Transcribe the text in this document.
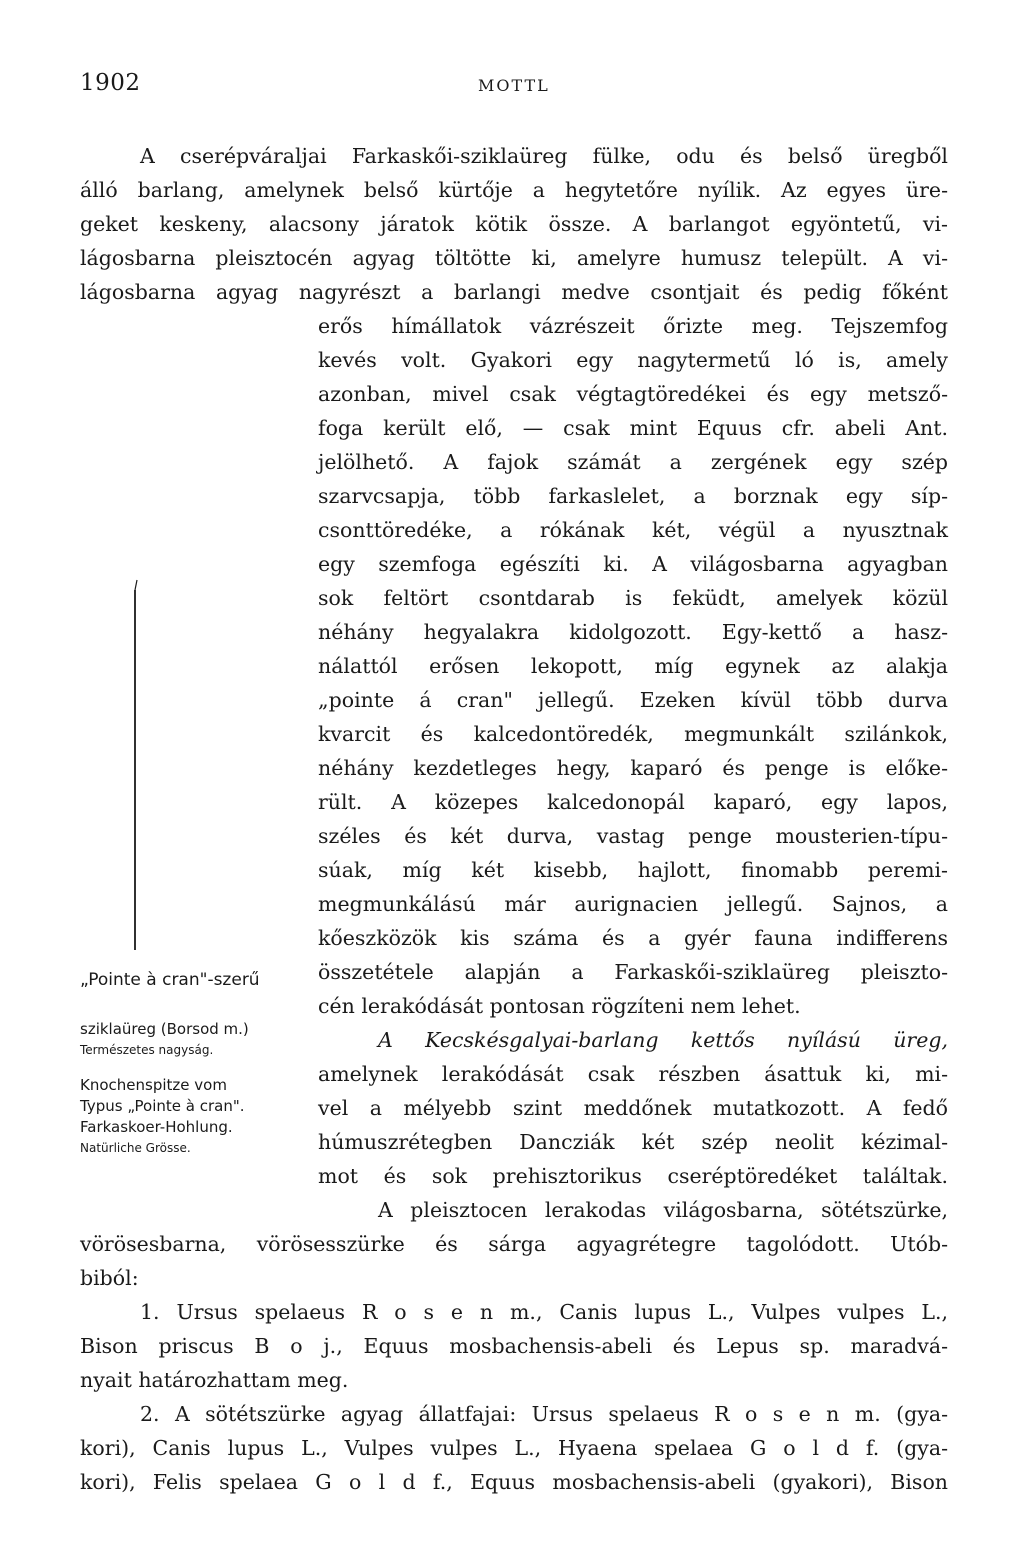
1902	MOTTL
A cserépváraljai Farkaskői-sziklaüreg fülke, odu és belső üregből
álló barlang, amelynek belső kürtője a hegytetőre nyílik. Az egyes üre-
geket keskeny, alacsony járatok kötik össze. A barlangot egyöntetű, vi-
lágosbarna pleisztocén agyag töltötte ki, amelyre humusz települt. A vi-
lágosbarna agyag nagyrészt a barlangi medve csontjait és pedig főként
erős hímállatok vázrészeit őrizte meg. Tejszemfog
kevés volt. Gyakori egy nagytermetű ló is, amely
azonban, mivel csak végtagtöredékei és egy metsző-
foga került elő, — csak mint Equus cfr. abeli Ant.
jelölhető. A fajok számát a zergének egy szép
szarvcsapja, több farkaslelet, a borznak egy síp-
csonttöredéke, a rókának két, végül a nyusztnak
egy szemfoga egészíti ki. A világosbarna agyagban
sok feltört csontdarab is feküdt, amelyek közül
néhány hegyalakra kidolgozott. Egy-kettő a hasz-
nálattól erősen lekopott, míg egynek az alakja
„pointe á cran" jellegű. Ezeken kívül több durva
kvarcit és kalcedontöredék, megmunkált szilánkok,
néhány kezdetleges hegy, kaparó és penge is előke-
rült. A közepes kalcedonopál kaparó, egy lapos,
széles és két durva, vastag penge mousterien-típu-
súak, míg két kisebb, hajlott, finomabb peremi-
megmunkálású már aurignacien jellegű. Sajnos, a
kőeszközök kis száma és a gyér fauna indifferens
összetétele alapján a Farkaskői-sziklaüreg pleiszto-
cén lerakódását pontosan rögzíteni nem lehet.
A Kecskésgalyai-barlang kettős nyílású üreg,
amelynek lerakódását csak részben ásattuk ki, mi-
vel a mélyebb szint meddőnek mutatkozott. A fedő
húmuszrétegben Dancziák két szép neolit kézimal-
mot és sok prehisztorikus cseréptöredéket találtak.
A pleisztocen lerakodas világosbarna, sötétszürke,
vörösesbarna, vörösesszürke és sárga agyagrétegre tagolódott. Utób-
biból:
1. Ursus spelaeus R o s e n m., Canis lupus L., Vulpes vulpes L.,
Bison priscus B o j., Equus mosbachensis-abeli és Lepus sp. maradvá-
nyait határozhattam meg.
2. A sötétszürke agyag állatfajai: Ursus spelaeus R o s e n m. (gya-
kori), Canis lupus L., Vulpes vulpes L., Hyaena spelaea G o l d f. (gya-
kori), Felis spelaea G o l d f., Equus mosbachensis-abeli (gyakori), Bison
„Pointe à cran"-szerű
sziklaüreg (Borsod m.)
Természetes nagyság.
Knochenspitze vom
Typus „Pointe à cran".
Farkaskoer-Hohlung.
Natürliche Grösse.
